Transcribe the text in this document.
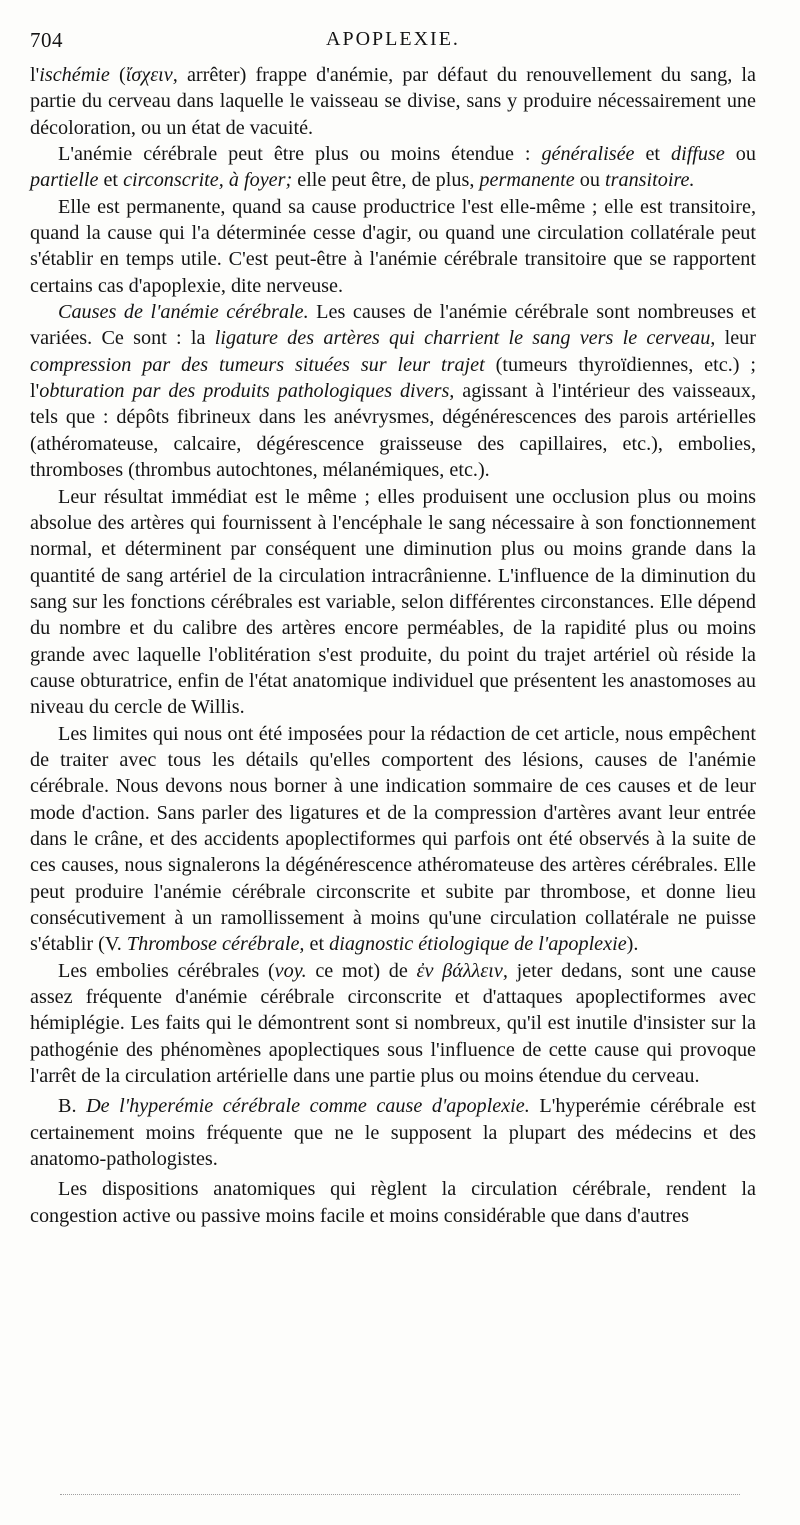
704	APOPLEXIE.

l'ischémie (ἴσχειν, arrêter) frappe d'anémie, par défaut du renouvellement du sang, la partie du cerveau dans laquelle le vaisseau se divise, sans y produire nécessairement une décoloration, ou un état de vacuité.

L'anémie cérébrale peut être plus ou moins étendue : généralisée et diffuse ou partielle et circonscrite, à foyer; elle peut être, de plus, permanente ou transitoire.

Elle est permanente, quand sa cause productrice l'est elle-même ; elle est transitoire, quand la cause qui l'a déterminée cesse d'agir, ou quand une circulation collatérale peut s'établir en temps utile. C'est peut-être à l'anémie cérébrale transitoire que se rapportent certains cas d'apoplexie, dite nerveuse.

Causes de l'anémie cérébrale. Les causes de l'anémie cérébrale sont nombreuses et variées. Ce sont : la ligature des artères qui charrient le sang vers le cerveau, leur compression par des tumeurs situées sur leur trajet (tumeurs thyroïdiennes, etc.) ; l'obturation par des produits pathologiques divers, agissant à l'intérieur des vaisseaux, tels que : dépôts fibrineux dans les anévrysmes, dégénérescences des parois artérielles (athéromateuse, calcaire, dégérescence graisseuse des capillaires, etc.), embolies, thromboses (thrombus autochtones, mélanémiques, etc.).

Leur résultat immédiat est le même ; elles produisent une occlusion plus ou moins absolue des artères qui fournissent à l'encéphale le sang nécessaire à son fonctionnement normal, et déterminent par conséquent une diminution plus ou moins grande dans la quantité de sang artériel de la circulation intracrânienne. L'influence de la diminution du sang sur les fonctions cérébrales est variable, selon différentes circonstances. Elle dépend du nombre et du calibre des artères encore perméables, de la rapidité plus ou moins grande avec laquelle l'oblitération s'est produite, du point du trajet artériel où réside la cause obturatrice, enfin de l'état anatomique individuel que présentent les anastomoses au niveau du cercle de Willis.

Les limites qui nous ont été imposées pour la rédaction de cet article, nous empêchent de traiter avec tous les détails qu'elles comportent des lésions, causes de l'anémie cérébrale. Nous devons nous borner à une indication sommaire de ces causes et de leur mode d'action. Sans parler des ligatures et de la compression d'artères avant leur entrée dans le crâne, et des accidents apoplectiformes qui parfois ont été observés à la suite de ces causes, nous signalerons la dégénérescence athéromateuse des artères cérébrales. Elle peut produire l'anémie cérébrale circonscrite et subite par thrombose, et donne lieu consécutivement à un ramollissement à moins qu'une circulation collatérale ne puisse s'établir (V. Thrombose cérébrale, et diagnostic étiologique de l'apoplexie).

Les embolies cérébrales (voy. ce mot) de ἐν βάλλειν, jeter dedans, sont une cause assez fréquente d'anémie cérébrale circonscrite et d'attaques apoplectiformes avec hémiplégie. Les faits qui le démontrent sont si nombreux, qu'il est inutile d'insister sur la pathogénie des phénomènes apoplectiques sous l'influence de cette cause qui provoque l'arrêt de la circulation artérielle dans une partie plus ou moins étendue du cerveau.

B. De l'hyperémie cérébrale comme cause d'apoplexie. L'hyperémie cérébrale est certainement moins fréquente que ne le supposent la plupart des médecins et des anatomo-pathologistes.

Les dispositions anatomiques qui règlent la circulation cérébrale, rendent la congestion active ou passive moins facile et moins considérable que dans d'autres
